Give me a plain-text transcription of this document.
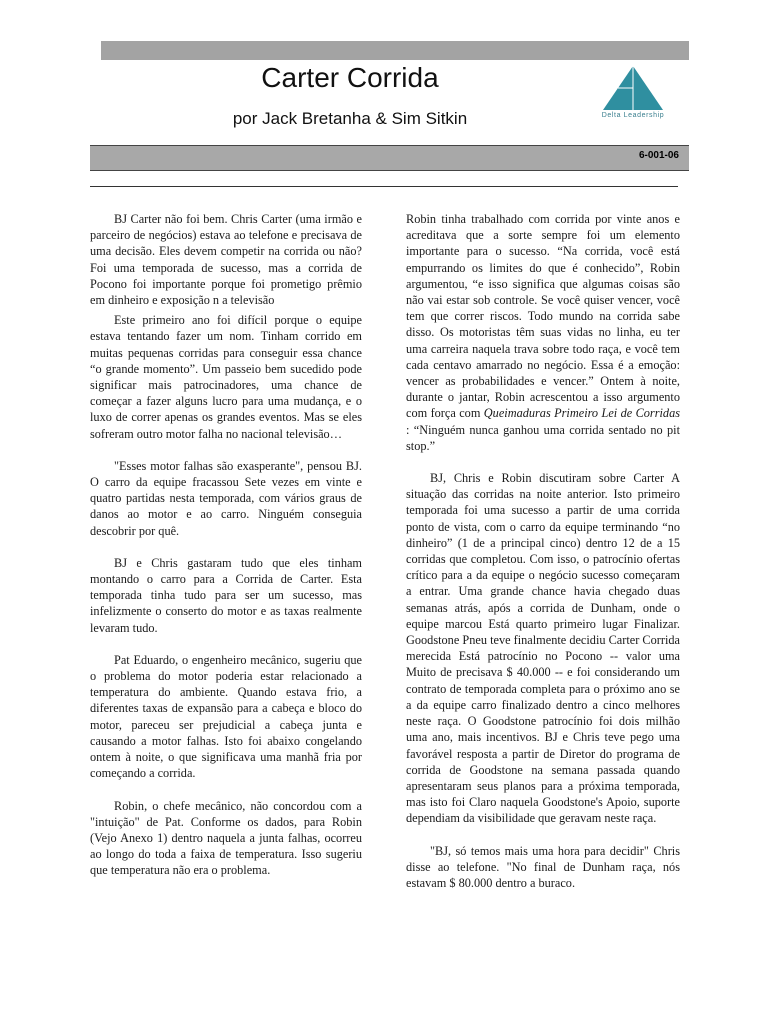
Carter Corrida
por Jack Bretanha & Sim Sitkin	Delta Leadership
6-001-06

BJ Carter não foi bem. Chris Carter (uma irmão e parceiro de negócios) estava ao telefone e precisava de uma decisão. Eles devem competir na corrida ou não? Foi uma temporada de sucesso, mas a corrida de Pocono foi importante porque foi prometigo prêmio em dinheiro e exposição n a televisão

Este primeiro ano foi difícil porque o equipe estava tentando fazer um nom. Tinham corrido em muitas pequenas corridas para conseguir essa chance “o grande momento”. Um passeio bem sucedido pode significar mais patrocinadores, uma chance de começar a fazer alguns lucro para uma mudança, e o luxo de correr apenas os grandes eventos. Mas se eles sofreram outro motor falha no nacional televisão…

"Esses motor falhas são exasperante", pensou BJ. O carro da equipe fracassou Sete vezes em vinte e quatro partidas nesta temporada, com vários graus de danos ao motor e ao carro. Ninguém conseguia descobrir por quê.

BJ e Chris gastaram tudo que eles tinham montando o carro para a Corrida de Carter. Esta temporada tinha tudo para ser um sucesso, mas infelizmente o conserto do motor e as taxas realmente levaram tudo.

Pat Eduardo, o engenheiro mecânico, sugeriu que o problema do motor poderia estar relacionado a temperatura do ambiente. Quando estava frio, a diferentes taxas de expansão para a cabeça e bloco do motor, pareceu ser prejudicial a cabeça junta e causando a motor falhas. Isto foi abaixo congelando ontem à noite, o que significava uma manhã fria por começando a corrida.

Robin, o chefe mecânico, não concordou com a "intuição" de Pat. Conforme os dados, para Robin (Vejo Anexo 1) dentro naquela a junta falhas, ocorreu ao longo do toda a faixa de temperatura. Isso sugeriu que temperatura não era o problema.

Robin tinha trabalhado com corrida por vinte anos e acreditava que a sorte sempre foi um elemento importante para o sucesso. “Na corrida, você está empurrando os limites do que é conhecido”, Robin argumentou, “e isso significa que algumas coisas são não vai estar sob controle. Se você quiser vencer, você tem que correr riscos. Todo mundo na corrida sabe disso. Os motoristas têm suas vidas no linha, eu ter uma carreira naquela trava sobre todo raça, e você tem cada centavo amarrado no negócio. Essa é a emoção: vencer as probabilidades e vencer.” Ontem à noite, durante o jantar, Robin acrescentou a isso argumento com força com Queimaduras Primeiro Lei de Corridas : “Ninguém nunca ganhou uma corrida sentado no pit stop.”

BJ, Chris e Robin discutiram sobre Carter A situação das corridas na noite anterior. Isto primeiro temporada foi uma sucesso a partir de uma corrida ponto de vista, com o carro da equipe terminando “no dinheiro” (1 de a principal cinco) dentro 12 de a 15 corridas que completou. Com isso, o patrocínio ofertas crítico para a da equipe o negócio sucesso começaram a entrar. Uma grande chance havia chegado duas semanas atrás, após a corrida de Dunham, onde o equipe marcou Está quarto primeiro lugar Finalizar. Goodstone Pneu teve finalmente decidiu Carter Corrida merecida Está patrocínio no Pocono -- valor uma Muito de precisava $ 40.000 -- e foi considerando um contrato de temporada completa para o próximo ano se a da equipe carro finalizado dentro a cinco melhores neste raça. O Goodstone patrocínio foi dois milhão uma ano, mais incentivos. BJ e Chris teve pego uma favorável resposta a partir de Diretor do programa de corrida de Goodstone na semana passada quando apresentaram seus planos para a próxima temporada, mas isto foi Claro naquela Goodstone's Apoio, suporte dependiam da visibilidade que geravam neste raça.

"BJ, só temos mais uma hora para decidir" Chris disse ao telefone. "No final de Dunham raça, nós estavam $ 80.000 dentro a buraco.
